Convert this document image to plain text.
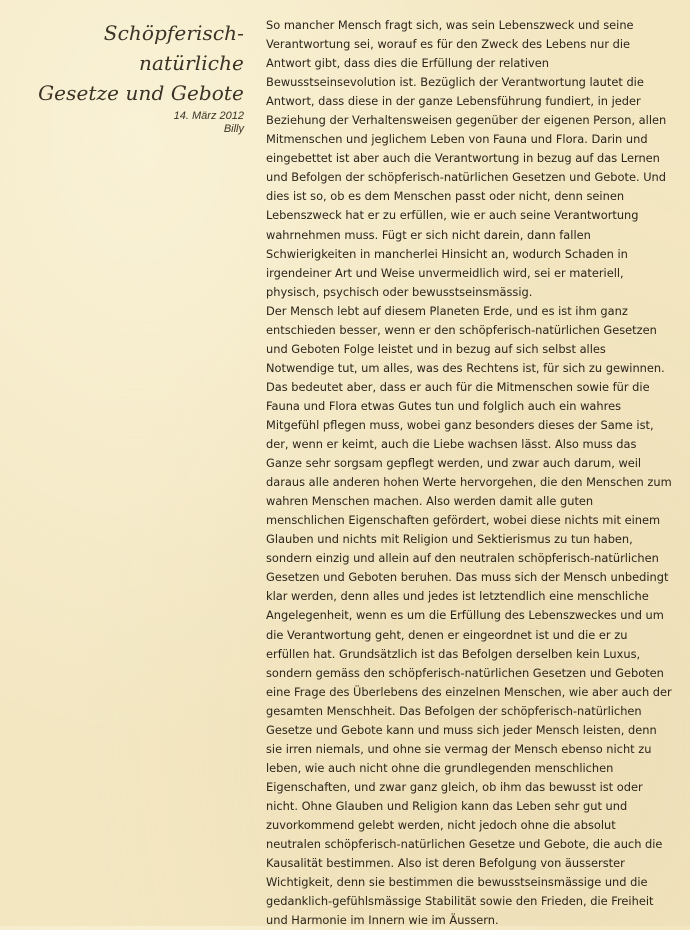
Schöpferisch-natürliche
Gesetze und Gebote
14. März 2012
Billy

So mancher Mensch fragt sich, was sein Lebenszweck und seine Verantwortung sei, worauf es für den Zweck des Lebens nur die Antwort gibt, dass dies die Erfüllung der relativen Bewusstseinsevolution ist. Bezüglich der Verantwortung lautet die Antwort, dass diese in der ganze Lebensführung fundiert, in jeder Beziehung der Verhaltensweisen gegenüber der eigenen Person, allen Mitmenschen und jeglichem Leben von Fauna und Flora. Darin und eingebettet ist aber auch die Verantwortung in bezug auf das Lernen und Befolgen der schöpferisch-natürlichen Gesetzen und Gebote. Und dies ist so, ob es dem Menschen passt oder nicht, denn seinen Lebenszweck hat er zu erfüllen, wie er auch seine Verantwortung wahrnehmen muss. Fügt er sich nicht darein, dann fallen Schwierigkeiten in mancherlei Hinsicht an, wodurch Schaden in irgendeiner Art und Weise unvermeidlich wird, sei er materiell, physisch, psychisch oder bewusstseinsmässig.

Der Mensch lebt auf diesem Planeten Erde, und es ist ihm ganz entschieden besser, wenn er den schöpferisch-natürlichen Gesetzen und Geboten Folge leistet und in bezug auf sich selbst alles Notwendige tut, um alles, was des Rechtens ist, für sich zu gewinnen. Das bedeutet aber, dass er auch für die Mitmenschen sowie für die Fauna und Flora etwas Gutes tun und folglich auch ein wahres Mitgefühl pflegen muss, wobei ganz besonders dieses der Same ist, der, wenn er keimt, auch die Liebe wachsen lässt. Also muss das Ganze sehr sorgsam gepflegt werden, und zwar auch darum, weil daraus alle anderen hohen Werte hervorgehen, die den Menschen zum wahren Menschen machen. Also werden damit alle guten menschlichen Eigenschaften gefördert, wobei diese nichts mit einem Glauben und nichts mit Religion und Sektierismus zu tun haben, sondern einzig und allein auf den neutralen schöpferisch-natürlichen Gesetzen und Geboten beruhen. Das muss sich der Mensch unbedingt klar werden, denn alles und jedes ist letztendlich eine menschliche Angelegenheit, wenn es um die Erfüllung des Lebenszweckes und um die Verantwortung geht, denen er eingeordnet ist und die er zu erfüllen hat. Grundsätzlich ist das Befolgen derselben kein Luxus, sondern gemäss den schöpferisch-natürlichen Gesetzen und Geboten eine Frage des Überlebens des einzelnen Menschen, wie aber auch der gesamten Menschheit. Das Befolgen der schöpferisch-natürlichen Gesetze und Gebote kann und muss sich jeder Mensch leisten, denn sie irren niemals, und ohne sie vermag der Mensch ebenso nicht zu leben, wie auch nicht ohne die grundlegenden menschlichen Eigenschaften, und zwar ganz gleich, ob ihm das bewusst ist oder nicht. Ohne Glauben und Religion kann das Leben sehr gut und zuvorkommend gelebt werden, nicht jedoch ohne die absolut neutralen schöpferisch-natürlichen Gesetze und Gebote, die auch die Kausalität bestimmen. Also ist deren Befolgung von äusserster Wichtigkeit, denn sie bestimmen die bewusstseinsmässige und die gedanklich-gefühlsmässige Stabilität sowie den Frieden, die Freiheit und Harmonie im Innern wie im Äussern.
